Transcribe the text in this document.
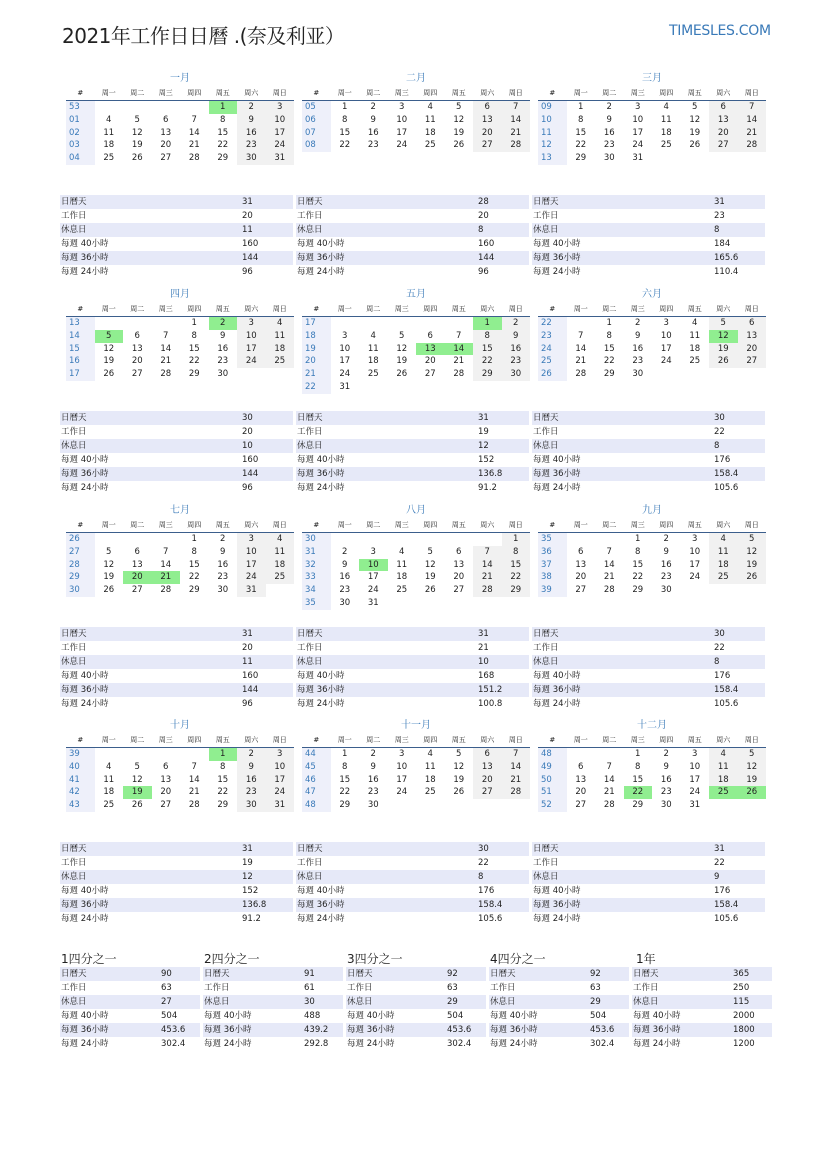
2021年工作日日曆 .(奈及利亚）	TIMESLES.COM
一月
#	周一	周二	周三	周四	周五	周六	周日
53					1	2	3
01	4	5	6	7	8	9	10
02	11	12	13	14	15	16	17
03	18	19	20	21	22	23	24
04	25	26	27	28	29	30	31
日曆天	31
工作日	20
休息日	11
每週 40小時	160
每週 36小時	144
每週 24小時	96
二月
#	周一	周二	周三	周四	周五	周六	周日
05	1	2	3	4	5	6	7
06	8	9	10	11	12	13	14
07	15	16	17	18	19	20	21
08	22	23	24	25	26	27	28
日曆天	28
工作日	20
休息日	8
每週 40小時	160
每週 36小時	144
每週 24小時	96
三月
#	周一	周二	周三	周四	周五	周六	周日
09	1	2	3	4	5	6	7
10	8	9	10	11	12	13	14
11	15	16	17	18	19	20	21
12	22	23	24	25	26	27	28
13	29	30	31				
日曆天	31
工作日	23
休息日	8
每週 40小時	184
每週 36小時	165.6
每週 24小時	110.4
四月
#	周一	周二	周三	周四	周五	周六	周日
13				1	2	3	4
14	5	6	7	8	9	10	11
15	12	13	14	15	16	17	18
16	19	20	21	22	23	24	25
17	26	27	28	29	30		
日曆天	30
工作日	20
休息日	10
每週 40小時	160
每週 36小時	144
每週 24小時	96
五月
#	周一	周二	周三	周四	周五	周六	周日
17						1	2
18	3	4	5	6	7	8	9
19	10	11	12	13	14	15	16
20	17	18	19	20	21	22	23
21	24	25	26	27	28	29	30
22	31						
日曆天	31
工作日	19
休息日	12
每週 40小時	152
每週 36小時	136.8
每週 24小時	91.2
六月
#	周一	周二	周三	周四	周五	周六	周日
22		1	2	3	4	5	6
23	7	8	9	10	11	12	13
24	14	15	16	17	18	19	20
25	21	22	23	24	25	26	27
26	28	29	30				
日曆天	30
工作日	22
休息日	8
每週 40小時	176
每週 36小時	158.4
每週 24小時	105.6
七月
#	周一	周二	周三	周四	周五	周六	周日
26				1	2	3	4
27	5	6	7	8	9	10	11
28	12	13	14	15	16	17	18
29	19	20	21	22	23	24	25
30	26	27	28	29	30	31	
日曆天	31
工作日	20
休息日	11
每週 40小時	160
每週 36小時	144
每週 24小時	96
八月
#	周一	周二	周三	周四	周五	周六	周日
30							1
31	2	3	4	5	6	7	8
32	9	10	11	12	13	14	15
33	16	17	18	19	20	21	22
34	23	24	25	26	27	28	29
35	30	31					
日曆天	31
工作日	21
休息日	10
每週 40小時	168
每週 36小時	151.2
每週 24小時	100.8
九月
#	周一	周二	周三	周四	周五	周六	周日
35			1	2	3	4	5
36	6	7	8	9	10	11	12
37	13	14	15	16	17	18	19
38	20	21	22	23	24	25	26
39	27	28	29	30			
日曆天	30
工作日	22
休息日	8
每週 40小時	176
每週 36小時	158.4
每週 24小時	105.6
十月
#	周一	周二	周三	周四	周五	周六	周日
39					1	2	3
40	4	5	6	7	8	9	10
41	11	12	13	14	15	16	17
42	18	19	20	21	22	23	24
43	25	26	27	28	29	30	31
日曆天	31
工作日	19
休息日	12
每週 40小時	152
每週 36小時	136.8
每週 24小時	91.2
十一月
#	周一	周二	周三	周四	周五	周六	周日
44	1	2	3	4	5	6	7
45	8	9	10	11	12	13	14
46	15	16	17	18	19	20	21
47	22	23	24	25	26	27	28
48	29	30					
日曆天	30
工作日	22
休息日	8
每週 40小時	176
每週 36小時	158.4
每週 24小時	105.6
十二月
#	周一	周二	周三	周四	周五	周六	周日
48			1	2	3	4	5
49	6	7	8	9	10	11	12
50	13	14	15	16	17	18	19
51	20	21	22	23	24	25	26
52	27	28	29	30	31		
日曆天	31
工作日	22
休息日	9
每週 40小時	176
每週 36小時	158.4
每週 24小時	105.6
1四分之一
日曆天	90
工作日	63
休息日	27
每週 40小時	504
每週 36小時	453.6
每週 24小時	302.4
2四分之一
日曆天	91
工作日	61
休息日	30
每週 40小時	488
每週 36小時	439.2
每週 24小時	292.8
3四分之一
日曆天	92
工作日	63
休息日	29
每週 40小時	504
每週 36小時	453.6
每週 24小時	302.4
4四分之一
日曆天	92
工作日	63
休息日	29
每週 40小時	504
每週 36小時	453.6
每週 24小時	302.4
1年
日曆天	365
工作日	250
休息日	115
每週 40小時	2000
每週 36小時	1800
每週 24小時	1200
